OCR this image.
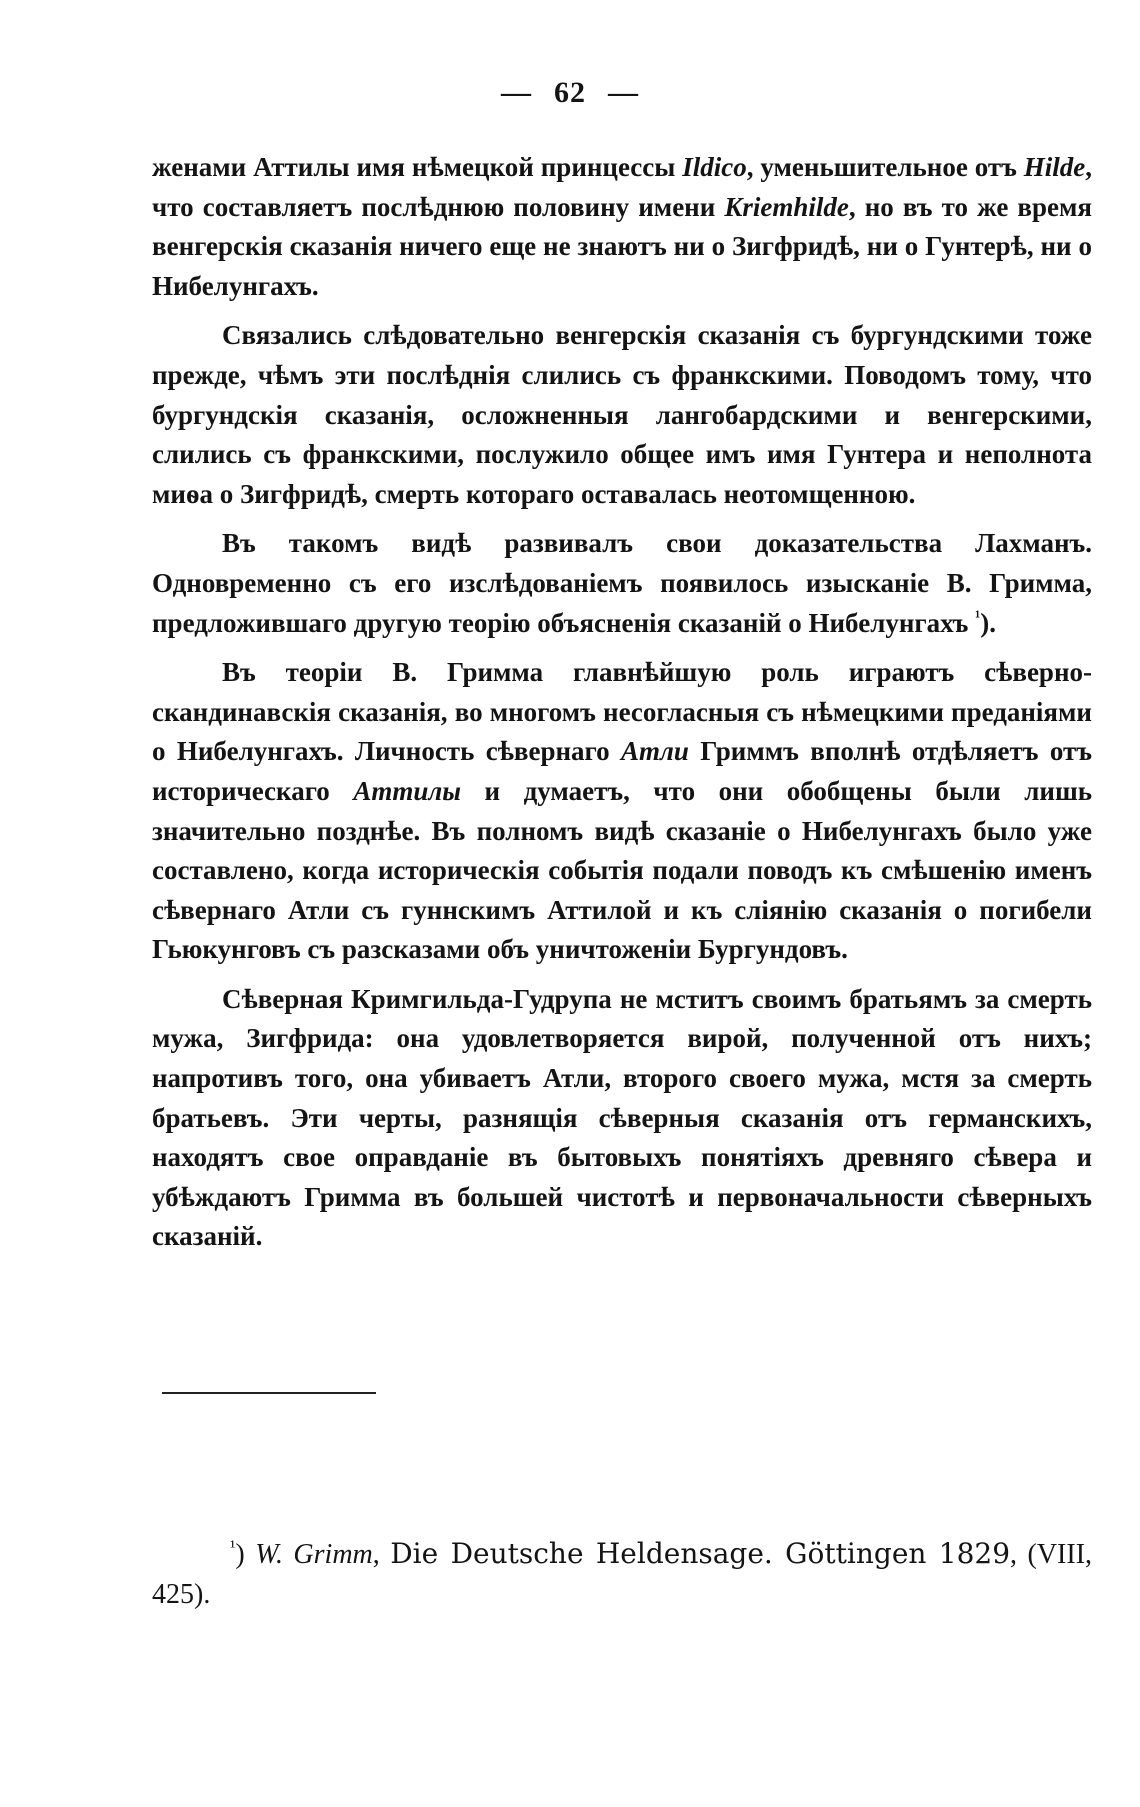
— 62 —

женами Аттилы имя нѣмецкой принцессы Ildico, уменьшительное отъ Hilde, что составляетъ послѣднюю половину имени Kriemhilde, но въ то же время венгерскія сказанія ничего еще не знаютъ ни о Зигфридѣ, ни о Гунтерѣ, ни о Нибелунгахъ.

Связались слѣдовательно венгерскія сказанія съ бургундскими тоже прежде, чѣмъ эти послѣднія слились съ франкскими. Поводомъ тому, что бургундскія сказанія, осложненныя лангобардскими и венгерскими, слились съ франкскими, послужило общее имъ имя Гунтера и неполнота миѳа о Зигфридѣ, смерть котораго оставалась неотомщенною.

Въ такомъ видѣ развивалъ свои доказательства Лахманъ. Одновременно съ его изслѣдованіемъ появилось изысканіе В. Гримма, предложившаго другую теорію объясненія сказаній о Нибелунгахъ $^{^1}$).

Въ теоріи В. Гримма главнѣйшую роль играютъ сѣверно-скандинавскія сказанія, во многомъ несогласныя съ нѣмецкими преданіями о Нибелунгахъ. Личность сѣвернаго Атли Гриммъ вполнѣ отдѣляетъ отъ историческаго Аттилы и думаетъ, что они обобщены были лишь значительно позднѣе. Въ полномъ видѣ сказаніе о Нибелунгахъ было уже составлено, когда историческія событія подали поводъ къ смѣшенію именъ сѣвернаго Атли съ гуннскимъ Аттилой и къ слiянiю сказанія о погибели Гьюкунговъ съ разсказами объ уничтоженіи Бургундовъ.

Сѣверная Кримгильда-Гудрупа не мститъ своимъ братьямъ за смерть мужа, Зигфрида: она удовлетворяется вирой, полученной отъ нихъ; напротивъ того, она убиваетъ Атли, второго своего мужа, мстя за смерть братьевъ. Эти черты, разнящія сѣверныя сказанія отъ германскихъ, находятъ свое оправданіе въ бытовыхъ понятіяхъ древняго сѣвера и убѣждаютъ Гримма въ большей чистотѣ и первоначальности сѣверныхъ сказаній.

$^{^1}$) W. Grimm, Die Deutsche Heldensage. Göttingen 1829, (VIII, 425).
